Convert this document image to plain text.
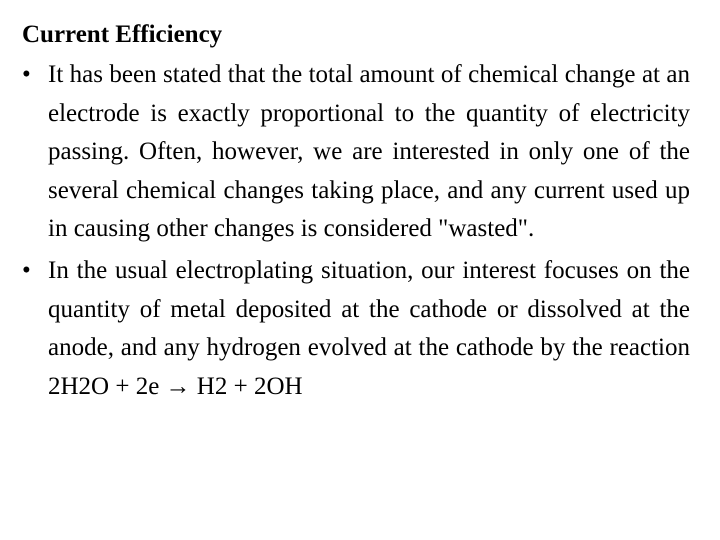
Current Efficiency
• It has been stated that the total amount of chemical change at an electrode is exactly proportional to the quantity of electricity passing. Often, however, we are interested in only one of the several chemical changes taking place, and any current used up in causing other changes is considered "wasted".
• In the usual electroplating situation, our interest focuses on the quantity of metal deposited at the cathode or dissolved at the anode, and any hydrogen evolved at the cathode by the reaction 2H2O + 2e → H2 + 2OH
